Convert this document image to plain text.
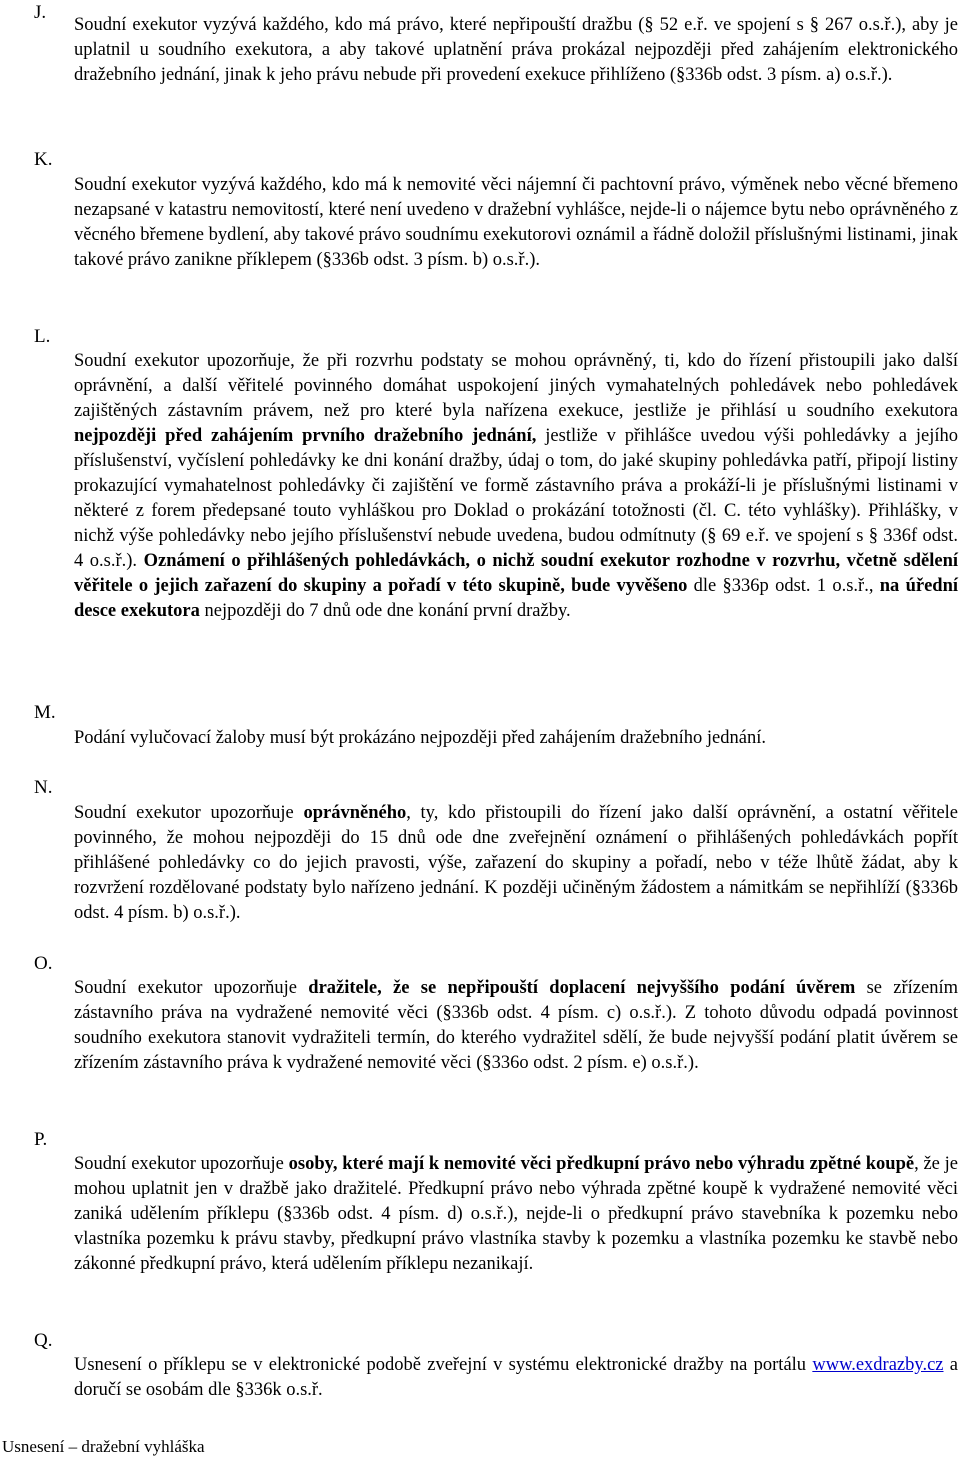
J.
Soudní exekutor vyzývá každého, kdo má právo, které nepřipouští dražbu (§ 52 e.ř. ve spojení s § 267 o.s.ř.), aby je uplatnil u soudního exekutora, a aby takové uplatnění práva prokázal nejpozději před zahájením elektronického dražebního jednání, jinak k jeho právu nebude při provedení exekuce přihlíženo (§336b odst. 3 písm. a) o.s.ř.).
K.
Soudní exekutor vyzývá každého, kdo má k nemovité věci nájemní či pachtovní právo, výměnek nebo věcné břemeno nezapsané v katastru nemovitostí, které není uvedeno v dražební vyhlášce, nejde-li o nájemce bytu nebo oprávněného z věcného břemene bydlení, aby takové právo soudnímu exekutorovi oznámil a řádně doložil příslušnými listinami, jinak takové právo zanikne příklepem (§336b odst. 3 písm. b) o.s.ř.).
L.
Soudní exekutor upozorňuje, že při rozvrhu podstaty se mohou oprávněný, ti, kdo do řízení přistoupili jako další oprávnění, a další věřitelé povinného domáhat uspokojení jiných vymahatelných pohledávek nebo pohledávek zajištěných zástavním právem, než pro které byla nařízena exekuce, jestliže je přihlásí u soudního exekutora nejpozději před zahájením prvního dražebního jednání, jestliže v přihlášce uvedou výši pohledávky a jejího příslušenství, vyčíslení pohledávky ke dni konání dražby, údaj o tom, do jaké skupiny pohledávka patří, připojí listiny prokazující vymahatelnost pohledávky či zajištění ve formě zástavního práva a prokáží-li je příslušnými listinami v některé z forem předepsané touto vyhláškou pro Doklad o prokázání totožnosti (čl. C. této vyhlášky). Přihlášky, v nichž výše pohledávky nebo jejího příslušenství nebude uvedena, budou odmítnuty (§ 69 e.ř. ve spojení s § 336f odst. 4 o.s.ř.). Oznámení o přihlášených pohledávkách, o nichž soudní exekutor rozhodne v rozvrhu, včetně sdělení věřitele o jejich zařazení do skupiny a pořadí v této skupině, bude vyvěšeno dle §336p odst. 1 o.s.ř., na úřední desce exekutora nejpozději do 7 dnů ode dne konání první dražby.
M.
Podání vylučovací žaloby musí být prokázáno nejpozději před zahájením dražebního jednání.
N.
Soudní exekutor upozorňuje oprávněného, ty, kdo přistoupili do řízení jako další oprávnění, a ostatní věřitele povinného, že mohou nejpozději do 15 dnů ode dne zveřejnění oznámení o přihlášených pohledávkách popřít přihlášené pohledávky co do jejich pravosti, výše, zařazení do skupiny a pořadí, nebo v téže lhůtě žádat, aby k rozvržení rozdělované podstaty bylo nařízeno jednání. K později učiněným žádostem a námitkám se nepřihlíží (§336b odst. 4 písm. b) o.s.ř.).
O.
Soudní exekutor upozorňuje dražitele, že se nepřipouští doplacení nejvyššího podání úvěrem se zřízením zástavního práva na vydražené nemovité věci (§336b odst. 4 písm. c) o.s.ř.). Z tohoto důvodu odpadá povinnost soudního exekutora stanovit vydražiteli termín, do kterého vydražitel sdělí, že bude nejvyšší podání platit úvěrem se zřízením zástavního práva k vydražené nemovité věci (§336o odst. 2 písm. e) o.s.ř.).
P.
Soudní exekutor upozorňuje osoby, které mají k nemovité věci předkupní právo nebo výhradu zpětné koupě, že je mohou uplatnit jen v dražbě jako dražitelé. Předkupní právo nebo výhrada zpětné koupě k vydražené nemovité věci zaniká udělením příklepu (§336b odst. 4 písm. d) o.s.ř.), nejde-li o předkupní právo stavebníka k pozemku nebo vlastníka pozemku k právu stavby, předkupní právo vlastníka stavby k pozemku a vlastníka pozemku ke stavbě nebo zákonné předkupní právo, která udělením příklepu nezanikají.
Q.
Usnesení o příklepu se v elektronické podobě zveřejní v systému elektronické dražby na portálu www.exdrazby.cz a doručí se osobám dle §336k o.s.ř.
Usnesení – dražební vyhláška
